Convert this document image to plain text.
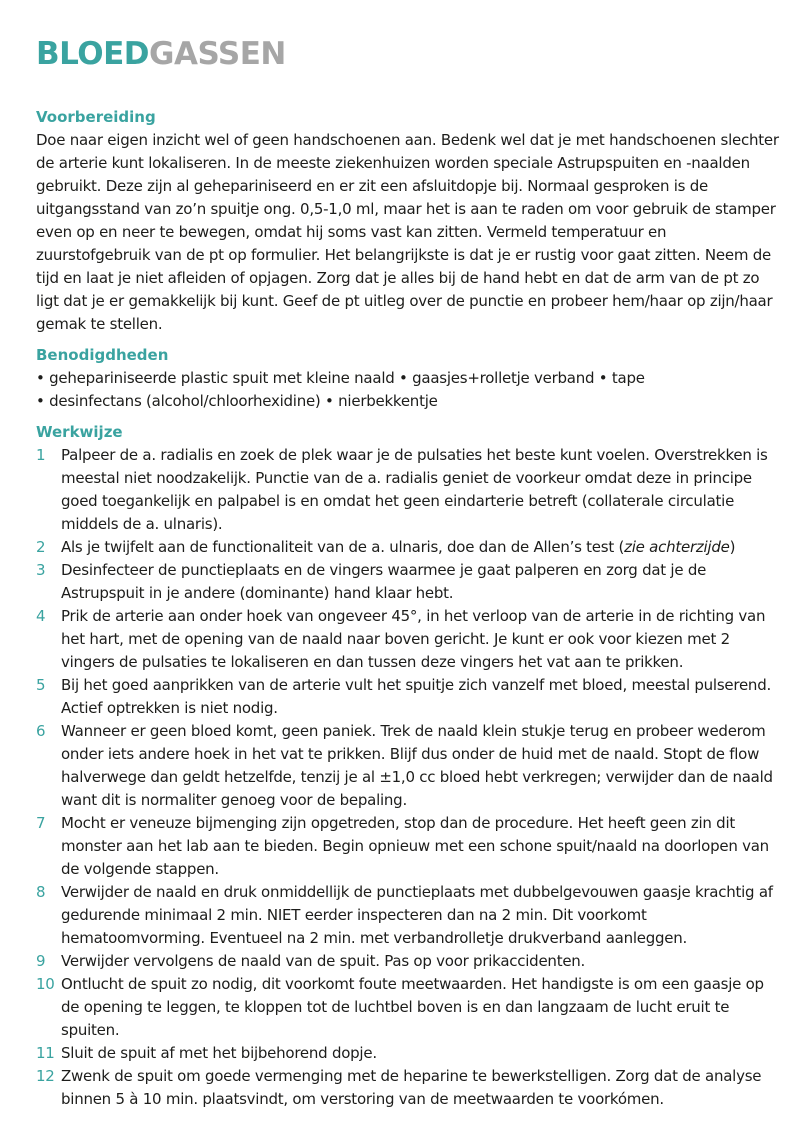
BLOEDGASSEN
Voorbereiding

Doe naar eigen inzicht wel of geen handschoenen aan. Bedenk wel dat je met handschoenen slechter de arterie kunt lokaliseren. In de meeste ziekenhuizen worden speciale Astrupspuiten en -naalden gebruikt. Deze zijn al gehepariniseerd en er zit een afsluitdopje bij. Normaal gesproken is de uitgangsstand van zo’n spuitje ong. 0,5-1,0 ml, maar het is aan te raden om voor gebruik de stamper even op en neer te bewegen, omdat hij soms vast kan zitten. Vermeld temperatuur en zuurstofgebruik van de pt op formulier. Het belangrijkste is dat je er rustig voor gaat zitten. Neem de tijd en laat je niet afleiden of opjagen. Zorg dat je alles bij de hand hebt en dat de arm van de pt zo ligt dat je er gemakkelijk bij kunt. Geef de pt uitleg over de punctie en probeer hem/haar op zijn/haar gemak te stellen.

Benodigdheden
• gehepariniseerde plastic spuit met kleine naald • gaasjes+rolletje verband • tape
• desinfectans (alcohol/chloorhexidine) • nierbekkentje
Werkwijze
1	Palpeer de a. radialis en zoek de plek waar je de pulsaties het beste kunt voelen. Overstrekken is meestal niet noodzakelijk. Punctie van de a. radialis geniet de voorkeur omdat deze in principe goed toegankelijk en palpabel is en omdat het geen eindarterie betreft (collaterale circulatie middels de a. ulnaris).
2	Als je twijfelt aan de functionaliteit van de a. ulnaris, doe dan de Allen’s test (zie achterzijde)
3	Desinfecteer de punctieplaats en de vingers waarmee je gaat palperen en zorg dat je de Astrupspuit in je andere (dominante) hand klaar hebt.
4	Prik de arterie aan onder hoek van ongeveer 45°, in het verloop van de arterie in de richting van het hart, met de opening van de naald naar boven gericht. Je kunt er ook voor kiezen met 2 vingers de pulsaties te lokaliseren en dan tussen deze vingers het vat aan te prikken.
5	Bij het goed aanprikken van de arterie vult het spuitje zich vanzelf met bloed, meestal pulserend. Actief optrekken is niet nodig.
6	Wanneer er geen bloed komt, geen paniek. Trek de naald klein stukje terug en probeer wederom onder iets andere hoek in het vat te prikken. Blijf dus onder de huid met de naald. Stopt de flow halverwege dan geldt hetzelfde, tenzij je al ±1,0 cc bloed hebt verkregen; verwijder dan de naald want dit is normaliter genoeg voor de bepaling.
7	Mocht er veneuze bijmenging zijn opgetreden, stop dan de procedure. Het heeft geen zin dit monster aan het lab aan te bieden. Begin opnieuw met een schone spuit/naald na doorlopen van de volgende stappen.
8	Verwijder de naald en druk onmiddellijk de punctieplaats met dubbelgevouwen gaasje krachtig af gedurende minimaal 2 min. NIET eerder inspecteren dan na 2 min. Dit voorkomt hematoomvorming. Eventueel na 2 min. met verbandrolletje drukverband aanleggen.
9	Verwijder vervolgens de naald van de spuit. Pas op voor prikaccidenten.
10 Ontlucht de spuit zo nodig, dit voorkomt foute meetwaarden. Het handigste is om een gaasje op de opening te leggen, te kloppen tot de luchtbel boven is en dan langzaam de lucht eruit te spuiten.
11 Sluit de spuit af met het bijbehorend dopje.
12 Zwenk de spuit om goede vermenging met de heparine te bewerkstelligen. Zorg dat de analyse binnen 5 à 10 min. plaatsvindt, om verstoring van de meetwaarden te voorkómen.
